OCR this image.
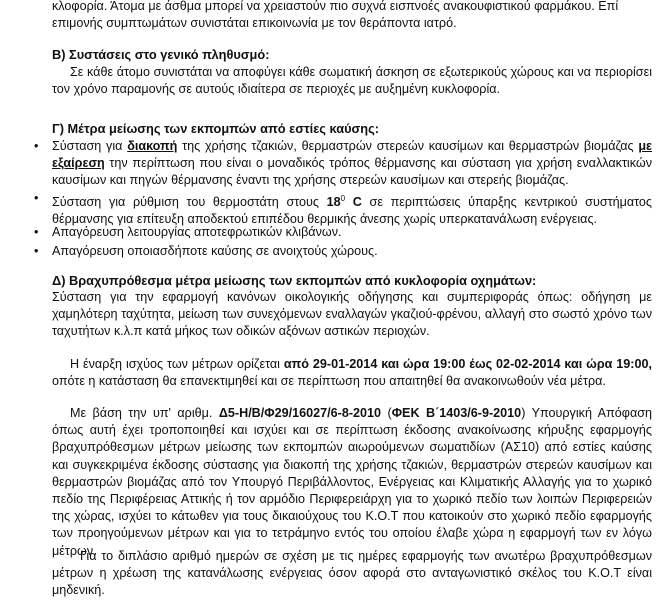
κλοφορία. Άτομα με άσθμα μπορεί να χρειαστούν πιο συχνά εισπνοές ανακουφιστικού φαρμάκου. Επί

επιμονής συμπτωμάτων συνιστάται επικοινωνία με τον θεράποντα ιατρό.

Β) Συστάσεις στο γενικό πληθυσμό:

Σε κάθε άτομο συνιστάται να αποφύγει κάθε σωματική άσκηση σε εξωτερικούς χώρους και να περιορίσει τον χρόνο παραμονής σε αυτούς ιδιαίτερα σε περιοχές με αυξημένη κυκλοφορία.

Γ) Μέτρα μείωσης των εκπομπών από εστίες καύσης:

•	Σύσταση για διακοπή της χρήσης τζακιών, θερμαστρών στερεών καυσίμων και θερμαστρών βιομάζας με εξαίρεση την περίπτωση που είναι ο μοναδικός τρόπος θέρμανσης και σύσταση για χρήση εναλλακτικών καυσίμων και πηγών θέρμανσης έναντι της χρήσης στερεών καυσίμων και στερεής βιομάζας.
•	Σύσταση για ρύθμιση του θερμοστάτη στους $18^0$ C σε περιπτώσεις ύπαρξης κεντρικού συστήματος θέρμανσης για επίτευξη αποδεκτού επιπέδου θερμικής άνεσης χωρίς υπερκατανάλωση ενέργειας.
•	Απαγόρευση λειτουργίας αποτεφρωτικών κλιβάνων.
•	Απαγόρευση οποιασδήποτε καύσης σε ανοιχτούς χώρους.

Δ) Βραχυπρόθεσμα μέτρα μείωσης των εκπομπών από κυκλοφορία οχημάτων:

Σύσταση για την εφαρμογή κανόνων οικολογικής οδήγησης και συμπεριφοράς όπως: οδήγηση με χαμηλότερη ταχύτητα, μείωση των συνεχόμενων εναλλαγών γκαζιού-φρένου, αλλαγή στο σωστό χρόνο των ταχυτήτων κ.λ.π κατά μήκος των οδικών αξόνων αστικών περιοχών.

Η έναρξη ισχύος των μέτρων ορίζεται από 29-01-2014 και ώρα 19:00 έως 02-02-2014 και ώρα 19:00, οπότε η κατάσταση θα επανεκτιμηθεί και σε περίπτωση που απαιτηθεί θα ανακοινωθούν νέα μέτρα.

Με βάση την υπ' αριθμ. Δ5-Η/Β/Φ29/16027/6-8-2010 (ΦΕΚ Β΄1403/6-9-2010) Υπουργική Απόφαση όπως αυτή έχει τροποποιηθεί και ισχύει και σε περίπτωση έκδοσης ανακοίνωσης κήρυξης εφαρμογής βραχυπρόθεσμων μέτρων μείωσης των εκπομπών αιωρούμενων σωματιδίων (ΑΣ10) από εστίες καύσης και συγκεκριμένα έκδοσης σύστασης για διακοπή της χρήσης τζακιών, θερμαστρών στερεών καυσίμων και θερμαστρών βιομάζας από τον Υπουργό Περιβάλλοντος, Ενέργειας και Κλιματικής Αλλαγής για το χωρικό πεδίο της Περιφέρειας Αττικής ή τον αρμόδιο Περιφερειάρχη για το χωρικό πεδίο των λοιπών Περιφερειών της χώρας, ισχύει το κάτωθεν για τους δικαιούχους του Κ.Ο.Τ που κατοικούν στο χωρικό πεδίο εφαρμογής των προηγούμενων μέτρων και για το τετράμηνο εντός του οποίου έλαβε χώρα η εφαρμογή των εν λόγω μέτρων.

Για το διπλάσιο αριθμό ημερών σε σχέση με τις ημέρες εφαρμογής των ανωτέρω βραχυπρόθεσμων μέτρων η χρέωση της κατανάλωσης ενέργειας όσον αφορά στο ανταγωνιστικό σκέλος του Κ.Ο.Τ είναι μηδενική.
